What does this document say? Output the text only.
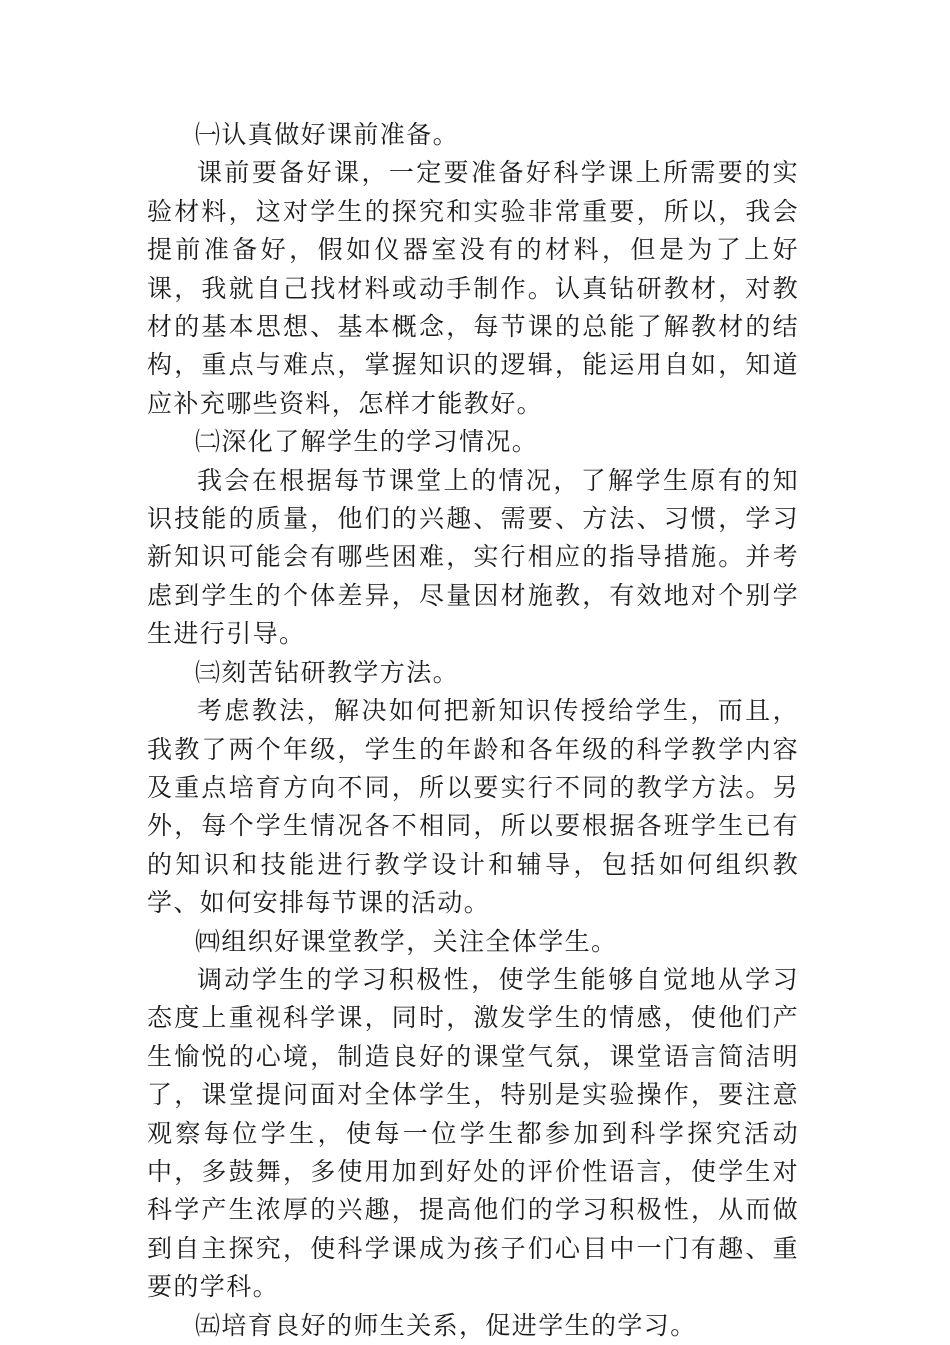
㈠认真做好课前准备。

课前要备好课，一定要准备好科学课上所需要的实验材料，这对学生的探究和实验非常重要，所以，我会提前准备好，假如仪器室没有的材料，但是为了上好课，我就自己找材料或动手制作。认真钻研教材，对教材的基本思想、基本概念，每节课的总能了解教材的结构，重点与难点，掌握知识的逻辑，能运用自如，知道应补充哪些资料，怎样才能教好。

㈡深化了解学生的学习情况。

我会在根据每节课堂上的情况，了解学生原有的知识技能的质量，他们的兴趣、需要、方法、习惯，学习新知识可能会有哪些困难，实行相应的指导措施。并考虑到学生的个体差异，尽量因材施教，有效地对个别学生进行引导。

㈢刻苦钻研教学方法。

考虑教法，解决如何把新知识传授给学生，而且，我教了两个年级，学生的年龄和各年级的科学教学内容及重点培育方向不同，所以要实行不同的教学方法。另外，每个学生情况各不相同，所以要根据各班学生已有的知识和技能进行教学设计和辅导，包括如何组织教学、如何安排每节课的活动。

㈣组织好课堂教学，关注全体学生。

调动学生的学习积极性，使学生能够自觉地从学习态度上重视科学课，同时，激发学生的情感，使他们产生愉悦的心境，制造良好的课堂气氛，课堂语言简洁明了，课堂提问面对全体学生，特别是实验操作，要注意观察每位学生，使每一位学生都参加到科学探究活动中，多鼓舞，多使用加到好处的评价性语言，使学生对科学产生浓厚的兴趣，提高他们的学习积极性，从而做到自主探究，使科学课成为孩子们心目中一门有趣、重要的学科。

㈤培育良好的师生关系，促进学生的学习。
